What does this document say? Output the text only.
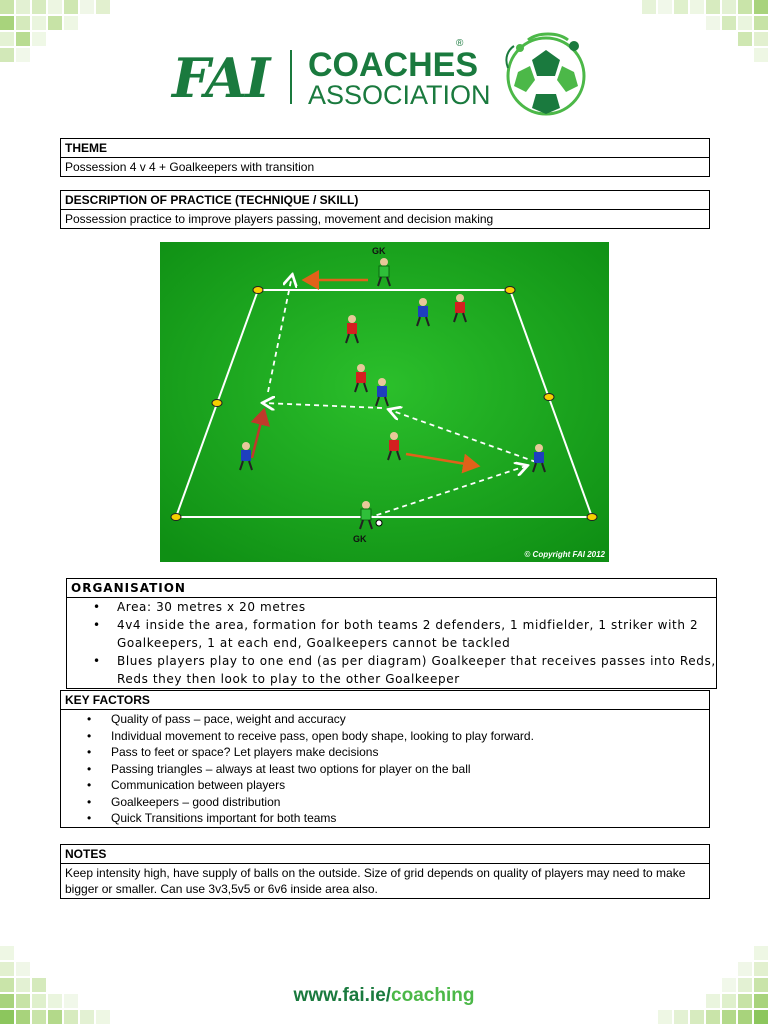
FAI COACHES
®
ASSOCIATION
THEME
Possession 4 v 4 + Goalkeepers with transition
DESCRIPTION OF PRACTICE (TECHNIQUE / SKILL)
Possession practice to improve players passing, movement and decision making
GK
GK
© Copyright FAI 2012
ORGANISATION
• Area: 30 metres x 20 metres
• 4v4 inside the area, formation for both teams 2 defenders, 1 midfielder, 1 striker with 2 Goalkeepers, 1 at each end, Goalkeepers cannot be tackled
• Blues players play to one end (as per diagram) Goalkeeper that receives passes into Reds, Reds they then look to play to the other Goalkeeper
KEY FACTORS
• Quality of pass – pace, weight and accuracy
• Individual movement to receive pass, open body shape, looking to play forward.
• Pass to feet or space? Let players make decisions
• Passing triangles – always at least two options for player on the ball
• Communication between players
• Goalkeepers – good distribution
• Quick Transitions important for both teams
NOTES
Keep intensity high, have supply of balls on the outside. Size of grid depends on quality of players may need to make bigger or smaller. Can use 3v3,5v5 or 6v6 inside area also.
www.fai.ie/coaching
